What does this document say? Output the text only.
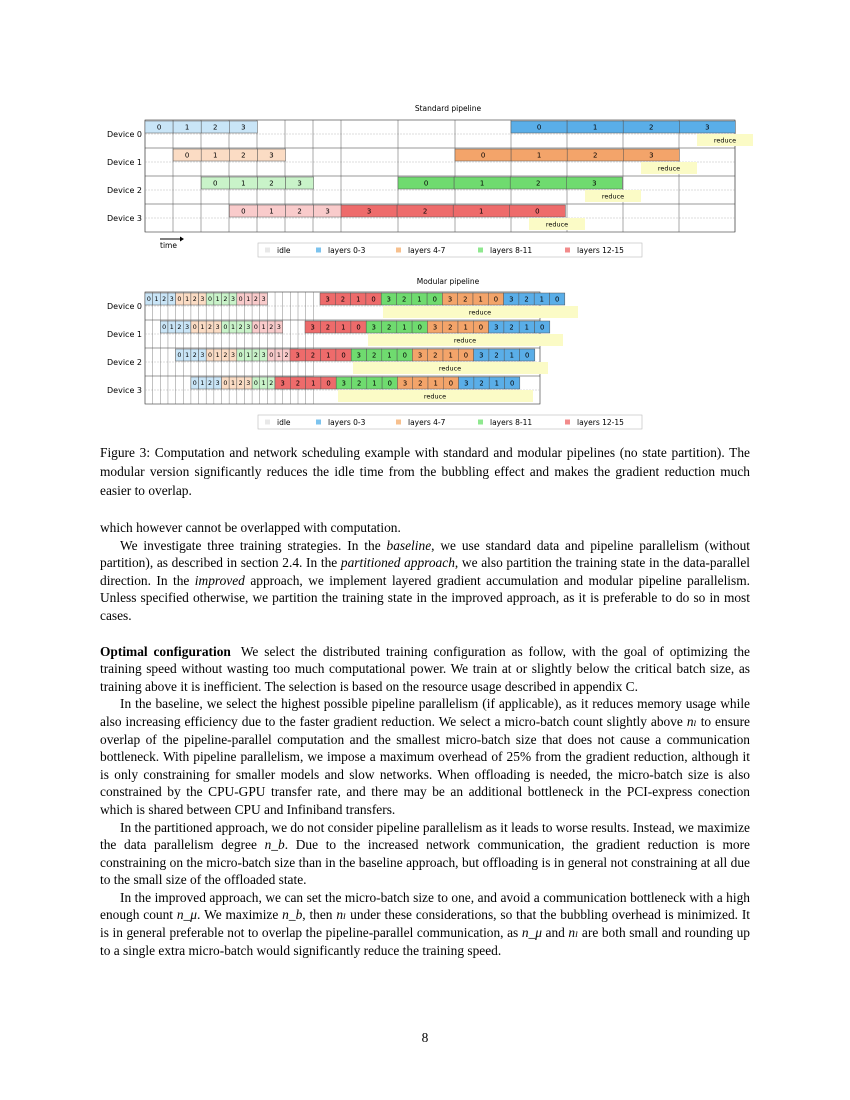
Standard pipeline
Device 0
Device 1
Device 2
Device 3
0	1	2	3
0	1	2	3
0	1	2	3
0	1	2	3
0	1	2	3
0	1	2	3
0	1	2	3
3	2	1	0
reduce
reduce
reduce
reduce
time
idle	layers 0-3	layers 4-7	layers 8-11	layers 12-15
Modular pipeline
Device 0
Device 1
Device 2
Device 3
0 1 2 3 0 1 2 3 0 1 2 3 0 1 2 3
0 1 2 3 0 1 2 3 0 1 2 3 0 1 2 3
0 1 2 3 0 1 2 3 0 1 2 3 0 1 2
0 1 2 3 0 1 2 3 0 1 2
3 2 1 0 3 2 1 0 3 2 1 0 3 2 1 0
3 2 1 0 3 2 1 0 3 2 1 0 3 2 1 0
3 2 1 0 3 2 1 0 3 2 1 0 3 2 1 0
3 2 1 0 3 2 1 0 3 2 1 0 3 2 1 0
reduce
reduce
reduce
reduce
idle	layers 0-3	layers 4-7	layers 8-11	layers 12-15

Figure 3: Computation and network scheduling example with standard and modular pipelines (no state partition). The modular version significantly reduces the idle time from the bubbling effect and makes the gradient reduction much easier to overlap.

which however cannot be overlapped with computation.

We investigate three training strategies. In the baseline, we use standard data and pipeline parallelism (without partition), as described in section 2.4. In the partitioned approach, we also partition the training state in the data-parallel direction. In the improved approach, we implement layered gradient accumulation and modular pipeline parallelism. Unless specified otherwise, we partition the training state in the improved approach, as it is preferable to do so in most cases.

Optimal configuration We select the distributed training configuration as follow, with the goal of optimizing the training speed without wasting too much computational power. We train at or slightly below the critical batch size, as training above it is inefficient. The selection is based on the resource usage described in appendix C.

In the baseline, we select the highest possible pipeline parallelism (if applicable), as it reduces memory usage while also increasing efficiency due to the faster gradient reduction. We select a micro-batch count slightly above nₗ to ensure overlap of the pipeline-parallel computation and the smallest micro-batch size that does not cause a communication bottleneck. With pipeline parallelism, we impose a maximum overhead of 25% from the gradient reduction, although it is only constraining for smaller models and slow networks. When offloading is needed, the micro-batch size is also constrained by the CPU-GPU transfer rate, and there may be an additional bottleneck in the PCI-express conection which is shared between CPU and Infiniband transfers.

In the partitioned approach, we do not consider pipeline parallelism as it leads to worse results. Instead, we maximize the data parallelism degree n_b. Due to the increased network communication, the gradient reduction is more constraining on the micro-batch size than in the baseline approach, but offloading is in general not constraining at all due to the small size of the offloaded state.

In the improved approach, we can set the micro-batch size to one, and avoid a communication bottleneck with a high enough count n_μ. We maximize n_b, then nₗ under these considerations, so that the bubbling overhead is minimized. It is in general preferable not to overlap the pipeline-parallel communication, as n_μ and nₗ are both small and rounding up to a single extra micro-batch would significantly reduce the training speed.

8
